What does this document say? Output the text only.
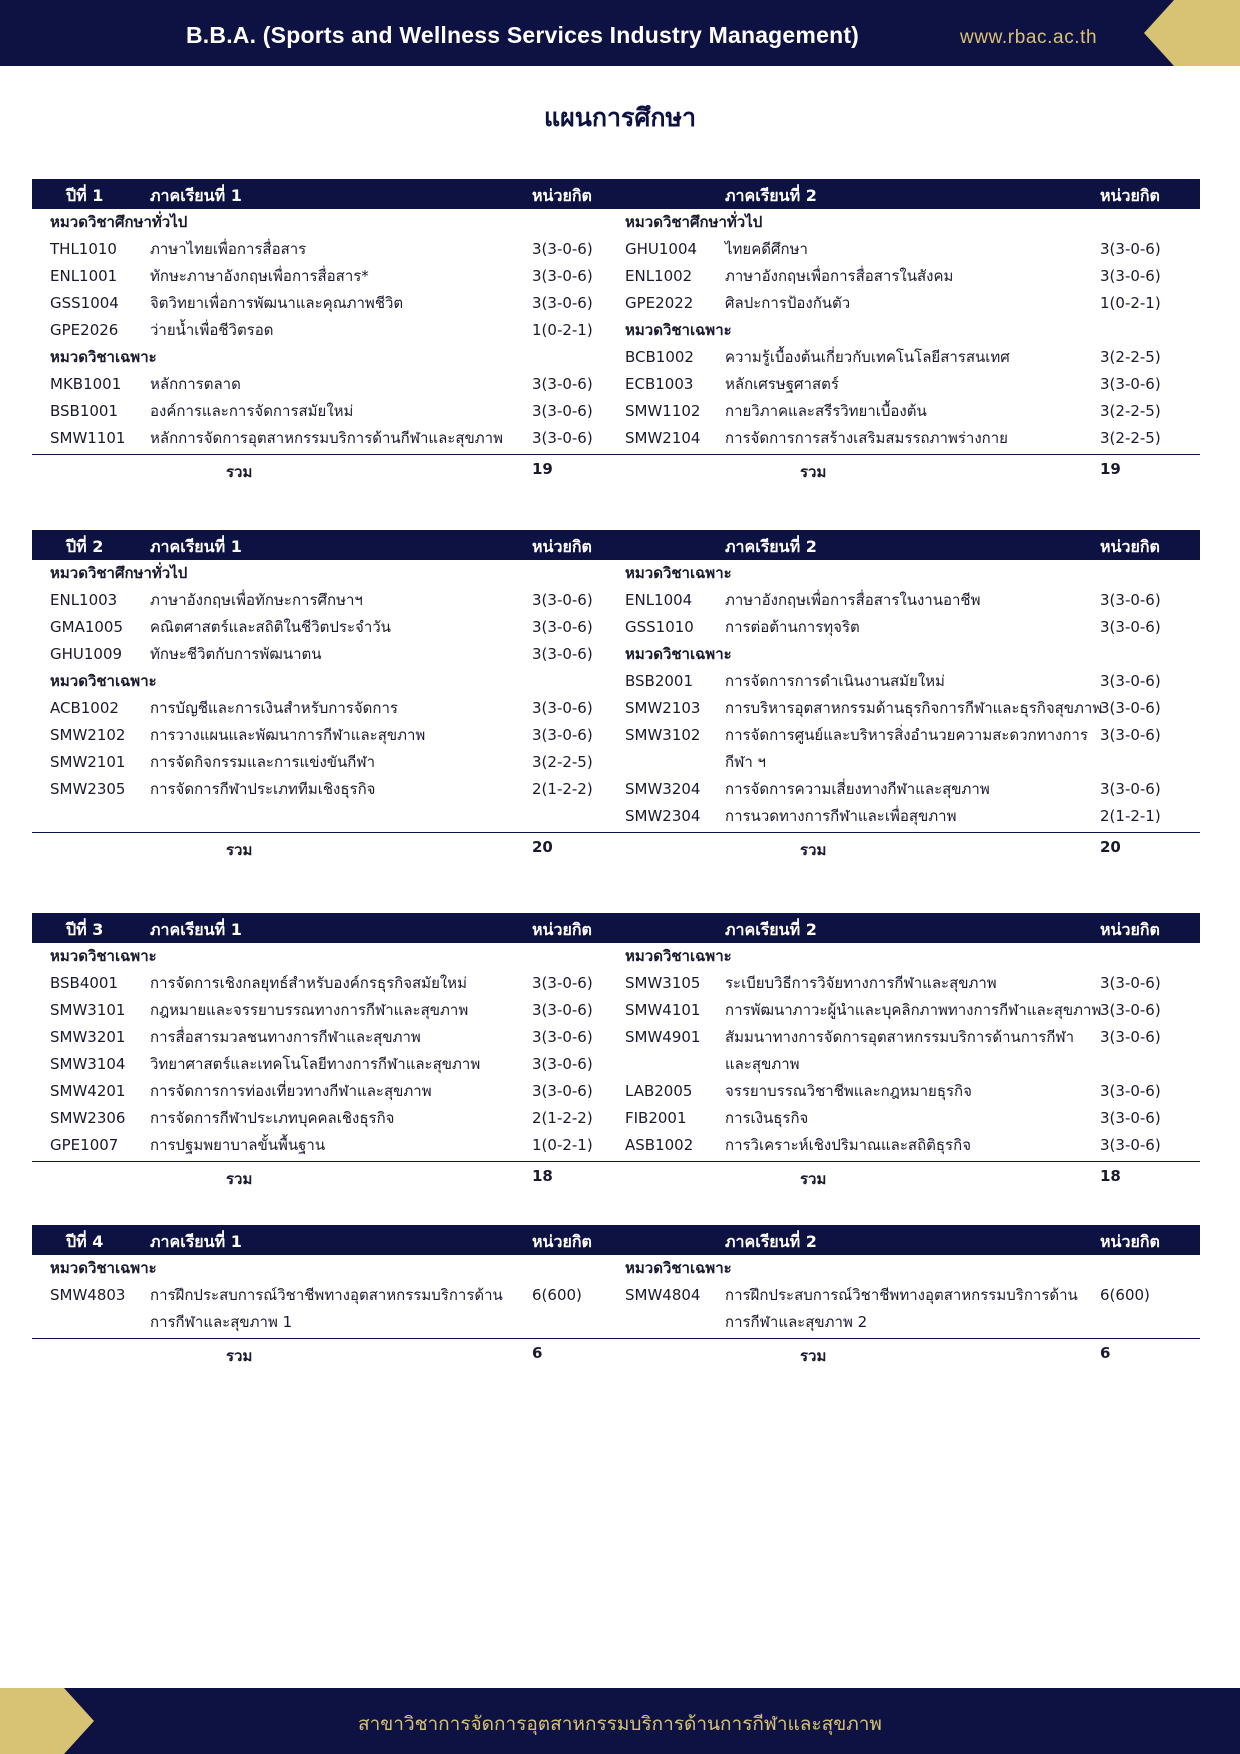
B.B.A. (Sports and Wellness Services Industry Management)	www.rbac.ac.th
แผนการศึกษา
ปีที่ 1	ภาคเรียนที่ 1	หน่วยกิต	ภาคเรียนที่ 2	หน่วยกิต
หมวดวิชาศึกษาทั่วไป
THL1010 ภาษาไทยเพื่อการสื่อสาร	3(3-0-6)
ENL1001 ทักษะภาษาอังกฤษเพื่อการสื่อสาร*	3(3-0-6)
GSS1004 จิตวิทยาเพื่อการพัฒนาและคุณภาพชีวิต	3(3-0-6)
GPE2026 ว่ายน้ำเพื่อชีวิตรอด	1(0-2-1)
หมวดวิชาเฉพาะ
MKB1001 หลักการตลาด	3(3-0-6)
BSB1001 องค์การและการจัดการสมัยใหม่	3(3-0-6)
SMW1101 หลักการจัดการอุตสาหกรรมบริการด้านกีฬาและสุขภาพ 3(3-0-6)
หมวดวิชาศึกษาทั่วไป
GHU1004 ไทยคดีศึกษา	3(3-0-6)
ENL1002 ภาษาอังกฤษเพื่อการสื่อสารในสังคม	3(3-0-6)
GPE2022 ศิลปะการป้องกันตัว	1(0-2-1)
หมวดวิชาเฉพาะ
BCB1002 ความรู้เบื้องต้นเกี่ยวกับเทคโนโลยีสารสนเทศ	3(2-2-5)
ECB1003 หลักเศรษฐศาสตร์	3(3-0-6)
SMW1102 กายวิภาคและสรีรวิทยาเบื้องต้น	3(2-2-5)
SMW2104 การจัดการการสร้างเสริมสมรรถภาพร่างกาย	3(2-2-5)
รวม	19	รวม	19
ปีที่ 2	ภาคเรียนที่ 1	หน่วยกิต	ภาคเรียนที่ 2	หน่วยกิต
หมวดวิชาศึกษาทั่วไป
ENL1003 ภาษาอังกฤษเพื่อทักษะการศึกษาฯ	3(3-0-6)
GMA1005 คณิตศาสตร์และสถิติในชีวิตประจำวัน	3(3-0-6)
GHU1009 ทักษะชีวิตกับการพัฒนาตน	3(3-0-6)
หมวดวิชาเฉพาะ
ACB1002 การบัญชีและการเงินสำหรับการจัดการ	3(3-0-6)
SMW2102 การวางแผนและพัฒนาการกีฬาและสุขภาพ	3(3-0-6)
SMW2101 การจัดกิจกรรมและการแข่งขันกีฬา	3(2-2-5)
SMW2305 การจัดการกีฬาประเภททีมเชิงธุรกิจ	2(1-2-2)
หมวดวิชาเฉพาะ
ENL1004 ภาษาอังกฤษเพื่อการสื่อสารในงานอาชีพ	3(3-0-6)
GSS1010 การต่อต้านการทุจริต	3(3-0-6)
หมวดวิชาเฉพาะ
BSB2001 การจัดการการดำเนินงานสมัยใหม่	3(3-0-6)
SMW2103 การบริหารอุตสาหกรรมด้านธุรกิจการกีฬาและธุรกิจสุขภาพ
3(3-0-6)
SMW3102 การจัดการศูนย์และบริหารสิ่งอำนวยความสะดวกทางการกีฬา ฯ
3(3-0-6)
SMW3204 การจัดการความเสี่ยงทางกีฬาและสุขภาพ	3(3-0-6)
SMW2304 การนวดทางการกีฬาและเพื่อสุขภาพ	2(1-2-1)
รวม	20	รวม	20
ปีที่ 3	ภาคเรียนที่ 1	หน่วยกิต	ภาคเรียนที่ 2	หน่วยกิต
หมวดวิชาเฉพาะ
BSB4001 การจัดการเชิงกลยุทธ์สำหรับองค์กรธุรกิจสมัยใหม่	3(3-0-6)
SMW3101 กฎหมายและจรรยาบรรณทางการกีฬาและสุขภาพ	3(3-0-6)
SMW3201 การสื่อสารมวลชนทางการกีฬาและสุขภาพ	3(3-0-6)
SMW3104 วิทยาศาสตร์และเทคโนโลยีทางการกีฬาและสุขภาพ	3(3-0-6)
SMW4201 การจัดการการท่องเที่ยวทางกีฬาและสุขภาพ	3(3-0-6)
SMW2306 การจัดการกีฬาประเภทบุคคลเชิงธุรกิจ	2(1-2-2)
GPE1007 การปฐมพยาบาลขั้นพื้นฐาน	1(0-2-1)
หมวดวิชาเฉพาะ
SMW3105 ระเบียบวิธีการวิจัยทางการกีฬาและสุขภาพ	3(3-0-6)
SMW4101 การพัฒนาภาวะผู้นำและบุคลิกภาพทางการกีฬาและสุขภาพ
3(3-0-6)
SMW4901 สัมมนาทางการจัดการอุตสาหกรรมบริการด้านการกีฬาและสุขภาพ
3(3-0-6)
LAB2005 จรรยาบรรณวิชาชีพและกฎหมายธุรกิจ	3(3-0-6)
FIB2001	การเงินธุรกิจ	3(3-0-6)
ASB1002 การวิเคราะห์เชิงปริมาณและสถิติธุรกิจ	3(3-0-6)
รวม	18	รวม	18
ปีที่ 4	ภาคเรียนที่ 1	หน่วยกิต	ภาคเรียนที่ 2	หน่วยกิต
หมวดวิชาเฉพาะ
SMW4803 การฝึกประสบการณ์วิชาชีพทางอุตสาหกรรมบริการด้านการกีฬาและสุขภาพ 1
6(600)
หมวดวิชาเฉพาะ
SMW4804 การฝึกประสบการณ์วิชาชีพทางอุตสาหกรรมบริการด้านการกีฬาและสุขภาพ 2
6(600)
รวม	6	รวม	6
สาขาวิชาการจัดการอุตสาหกรรมบริการด้านการกีฬาและสุขภาพ
